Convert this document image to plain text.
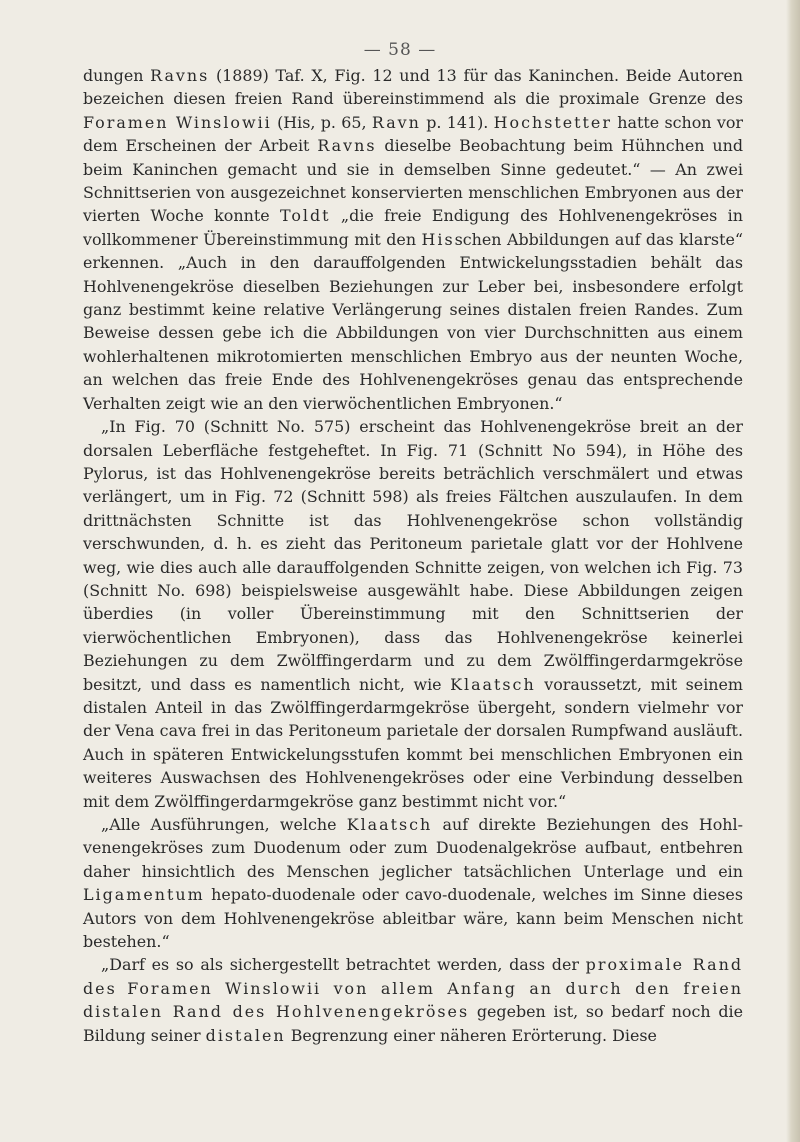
— 58 —

dungen Ravns (1889) Taf. X, Fig. 12 und 13 für das Kaninchen. Beide Autoren bezeichen diesen freien Rand übereinstimmend als die proximale Grenze des Foramen Winslowii (His, p. 65, Ravn p. 141). Hochstetter hatte schon vor dem Erscheinen der Arbeit Ravns dieselbe Beobachtung beim Hühnchen und beim Kaninchen gemacht und sie in demselben Sinne gedeutet.“ — An zwei Schnittserien von ausgezeichnet konservierten menschlichen Embryonen aus der vierten Woche konnte Toldt „die freie Endigung des Hohlvenengekröses in vollkommener Übereinstimmung mit den Hisschen Abbildungen auf das klarste“ erkennen. „Auch in den darauffolgenden Entwickelungsstadien behält das Hohlvenengekröse dieselben Beziehungen zur Leber bei, insbesondere erfolgt ganz bestimmt keine relative Verlängerung seines distalen freien Randes. Zum Beweise dessen gebe ich die Abbildungen von vier Durchschnitten aus einem wohlerhaltenen mikrotomierten menschlichen Embryo aus der neunten Woche, an welchen das freie Ende des Hohlvenengekröses genau das entsprechende Verhalten zeigt wie an den vierwöchentlichen Embryonen.“

„In Fig. 70 (Schnitt No. 575) erscheint das Hohlvenengekröse breit an der dorsalen Leberfläche festgeheftet. In Fig. 71 (Schnitt No 594), in Höhe des Pylorus, ist das Hohlvenengekröse bereits beträchlich verschmälert und etwas verlängert, um in Fig. 72 (Schnitt 598) als freies Fältchen auszulaufen. In dem drittnächsten Schnitte ist das Hohlvenengekröse schon vollständig verschwunden, d. h. es zieht das Peritoneum parietale glatt vor der Hohlvene weg, wie dies auch alle darauffolgenden Schnitte zeigen, von welchen ich Fig. 73 (Schnitt No. 698) beispielsweise ausgewählt habe. Diese Abbildungen zeigen überdies (in voller Übereinstimmung mit den Schnittserien der vierwöchentlichen Embryonen), dass das Hohlvenengekröse keinerlei Beziehungen zu dem Zwölffingerdarm und zu dem Zwölffingerdarmgekröse besitzt, und dass es namentlich nicht, wie Klaatsch voraussetzt, mit seinem distalen Anteil in das Zwölffingerdarmgekröse übergeht, sondern vielmehr vor der Vena cava frei in das Peritoneum parietale der dorsalen Rumpfwand ausläuft. Auch in späteren Entwickelungsstufen kommt bei menschlichen Embryonen ein weiteres Auswachsen des Hohlvenengekröses oder eine Verbindung desselben mit dem Zwölffingerdarmgekröse ganz bestimmt nicht vor.“

„Alle Ausführungen, welche Klaatsch auf direkte Beziehungen des Hohlvenengekröses zum Duodenum oder zum Duodenalgekröse aufbaut, entbehren daher hinsichtlich des Menschen jeglicher tatsächlichen Unterlage und ein Ligamentum hepato-duodenale oder cavo-duodenale, welches im Sinne dieses Autors von dem Hohlvenengekröse ableitbar wäre, kann beim Menschen nicht bestehen.“

„Darf es so als sichergestellt betrachtet werden, dass der proximale Rand des Foramen Winslowii von allem Anfang an durch den freien distalen Rand des Hohlvenengekröses gegeben ist, so bedarf noch die Bildung seiner distalen Begrenzung einer näheren Erörterung. Diese
